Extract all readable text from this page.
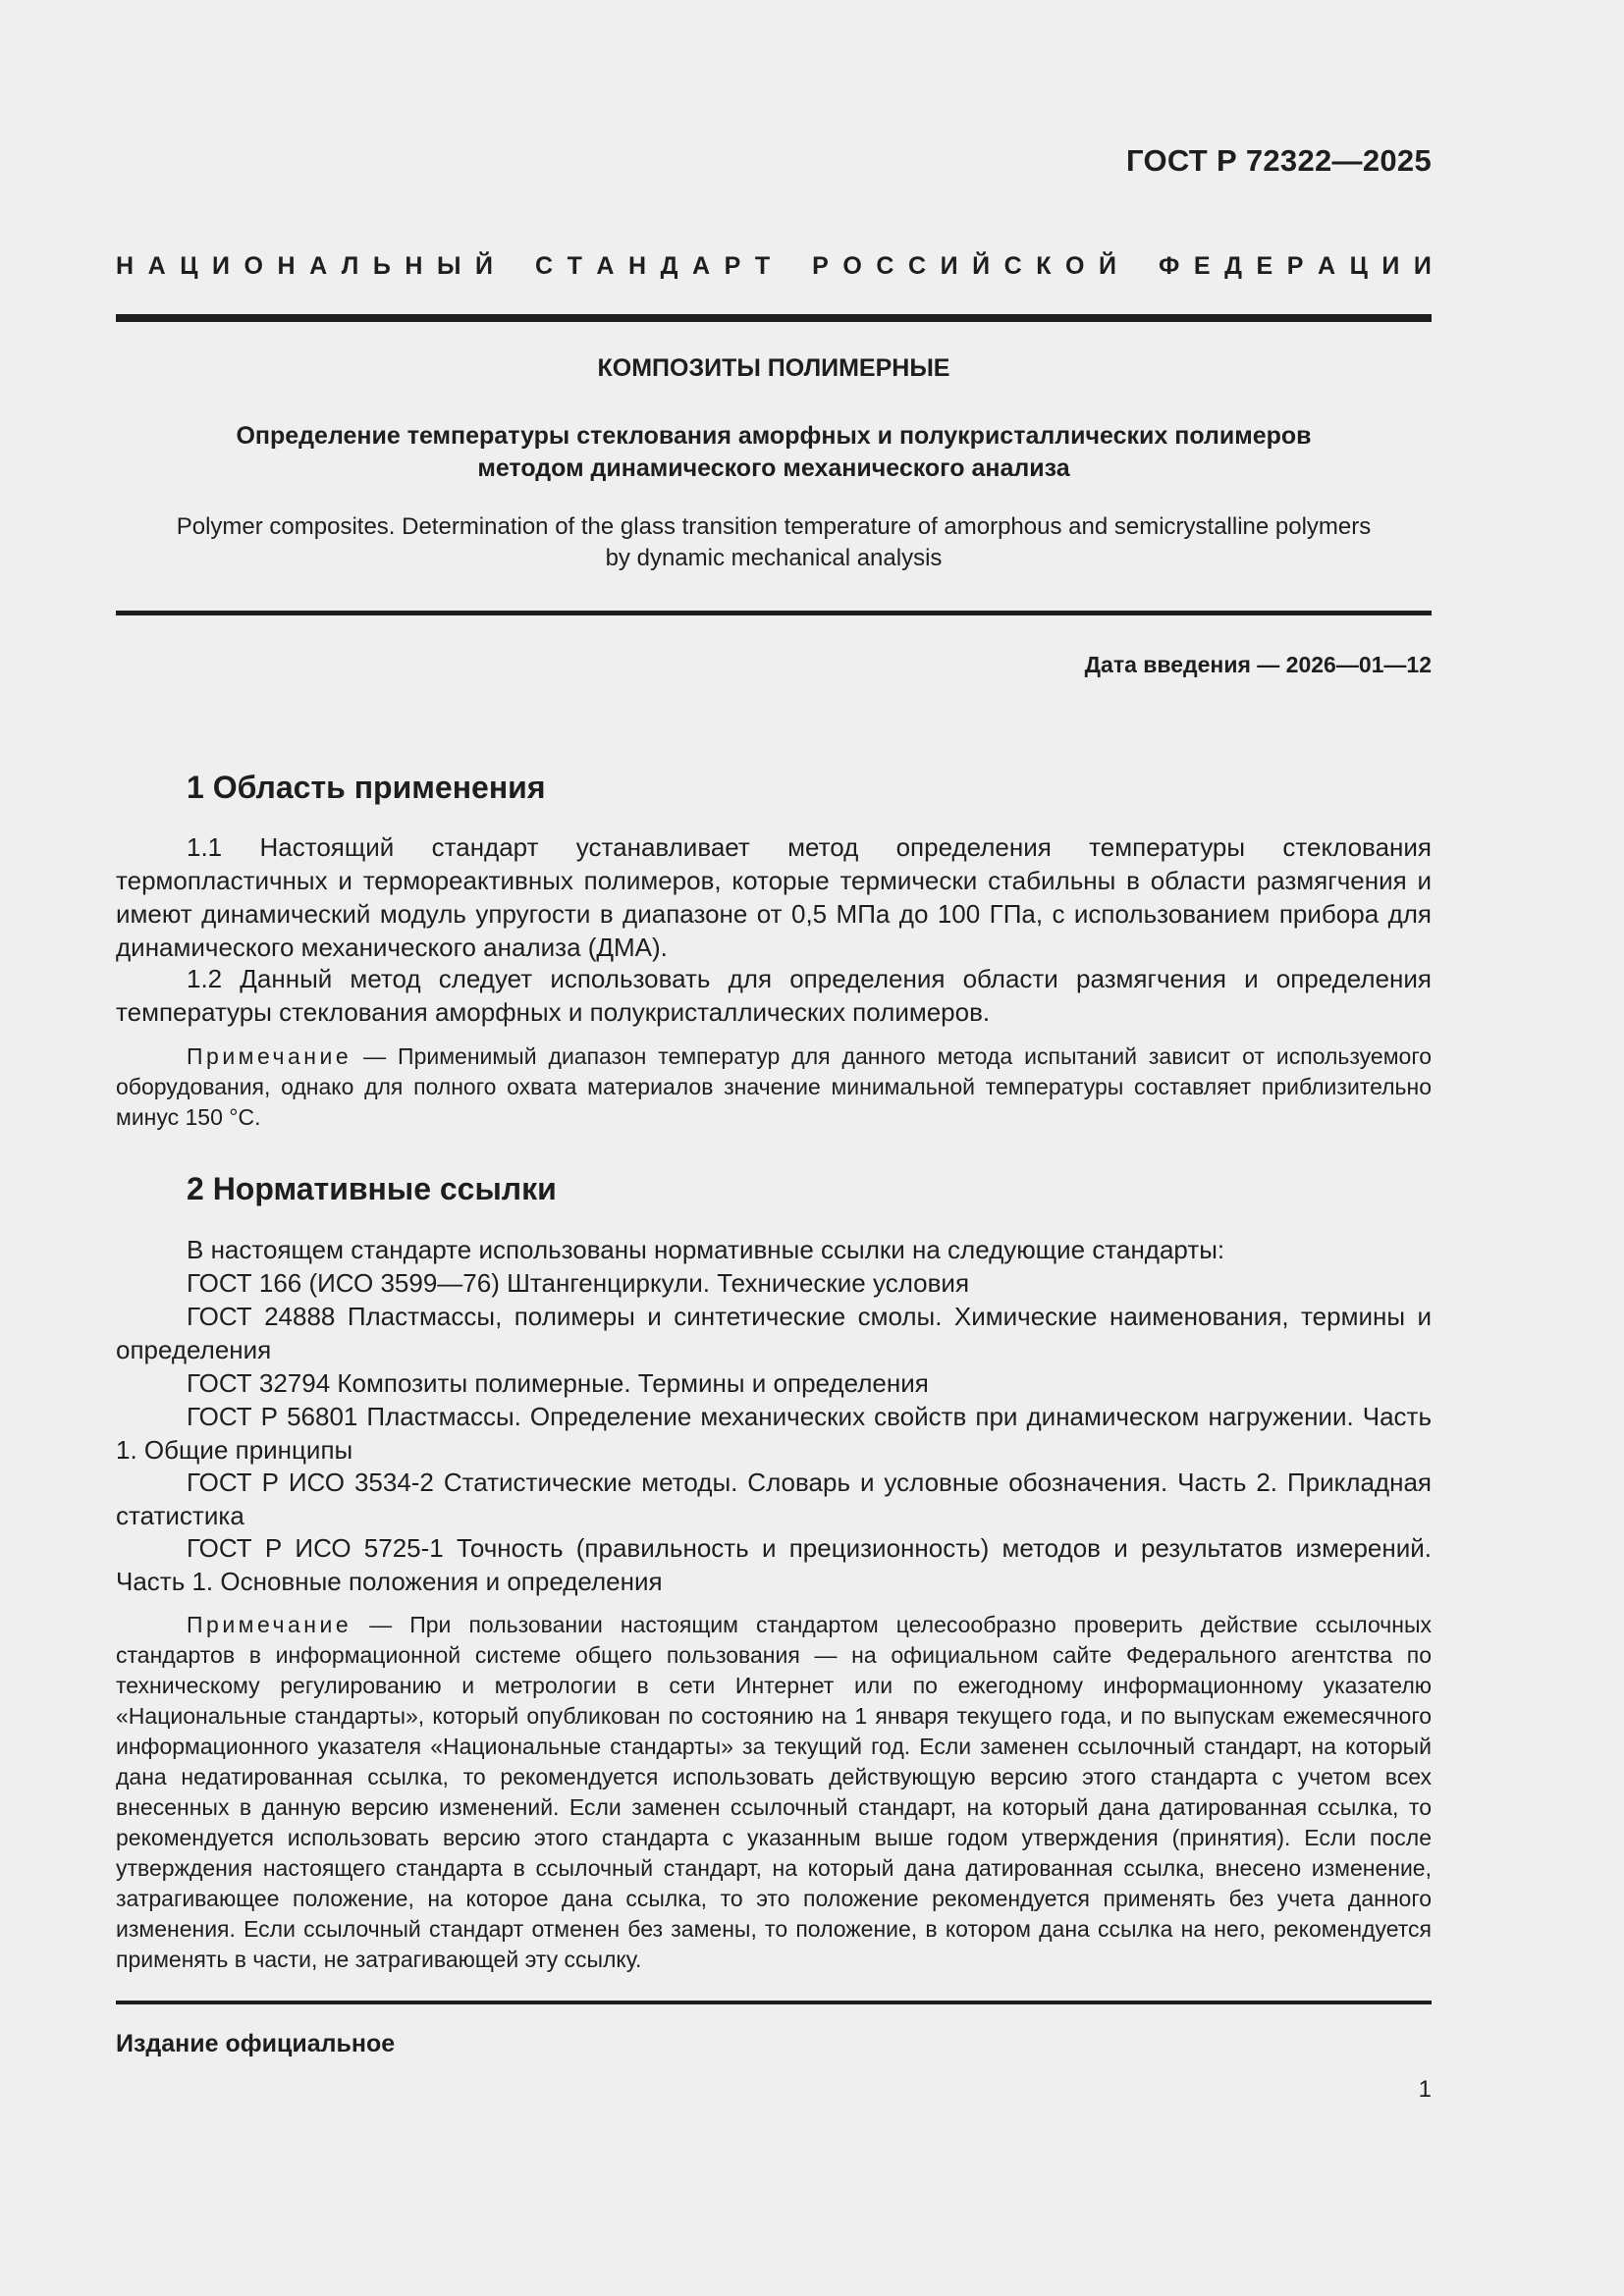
ГОСТ Р 72322—2025
Н А Ц И О Н А Л Ь Н Ы Й
С Т А Н Д А Р Т
Р О С С И Й С К О Й
Ф Е Д Е Р А Ц И И
КОМПОЗИТЫ ПОЛИМЕРНЫЕ
Определение температуры стеклования аморфных и полукристаллических полимеров
методом динамического механического анализа
Polymer composites. Determination of the glass transition temperature of amorphous and semicrystalline polymers
by dynamic mechanical analysis
Дата введения — 2026—01—12
1 Область применения

1.1 Настоящий стандарт устанавливает метод определения температуры стеклования термопластичных и термореактивных полимеров, которые термически стабильны в области размягчения и имеют динамический модуль упругости в диапазоне от 0,5 МПа до 100 ГПа, с использованием прибора для динамического механического анализа (ДМА).

1.2 Данный метод следует использовать для определения области размягчения и определения температуры стеклования аморфных и полукристаллических полимеров.

Примечание — Применимый диапазон температур для данного метода испытаний зависит от используемого оборудования, однако для полного охвата материалов значение минимальной температуры составляет приблизительно минус 150 °С.

2 Нормативные ссылки

В настоящем стандарте использованы нормативные ссылки на следующие стандарты:

ГОСТ 166 (ИСО 3599—76) Штангенциркули. Технические условия

ГОСТ 24888 Пластмассы, полимеры и синтетические смолы. Химические наименования, термины и определения

ГОСТ 32794 Композиты полимерные. Термины и определения

ГОСТ Р 56801 Пластмассы. Определение механических свойств при динамическом нагружении. Часть 1. Общие принципы

ГОСТ Р ИСО 3534-2 Статистические методы. Словарь и условные обозначения. Часть 2. Прикладная статистика

ГОСТ Р ИСО 5725-1 Точность (правильность и прецизионность) методов и результатов измерений. Часть 1. Основные положения и определения

Примечание — При пользовании настоящим стандартом целесообразно проверить действие ссылочных стандартов в информационной системе общего пользования — на официальном сайте Федерального агентства по техническому регулированию и метрологии в сети Интернет или по ежегодному информационному указателю «Национальные стандарты», который опубликован по состоянию на 1 января текущего года, и по выпускам ежемесячного информационного указателя «Национальные стандарты» за текущий год. Если заменен ссылочный стандарт, на который дана недатированная ссылка, то рекомендуется использовать действующую версию этого стандарта с учетом всех внесенных в данную версию изменений. Если заменен ссылочный стандарт, на который дана датированная ссылка, то рекомендуется использовать версию этого стандарта с указанным выше годом утверждения (принятия). Если после утверждения настоящего стандарта в ссылочный стандарт, на который дана датированная ссылка, внесено изменение, затрагивающее положение, на которое дана ссылка, то это положение рекомендуется применять без учета данного изменения. Если ссылочный стандарт отменен без замены, то положение, в котором дана ссылка на него, рекомендуется применять в части, не затрагивающей эту ссылку.

Издание официальное
1
